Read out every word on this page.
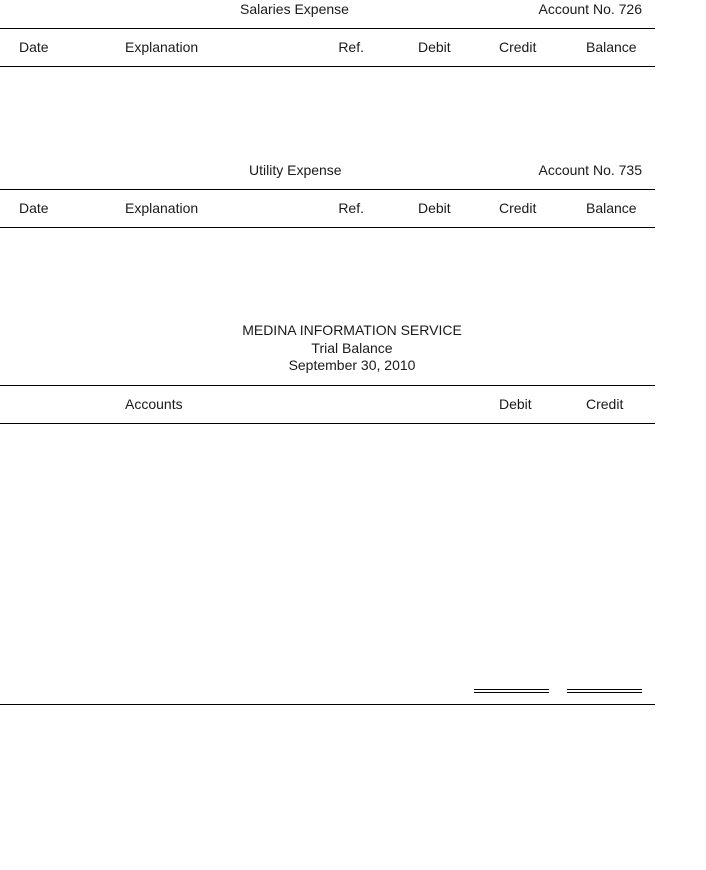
Salaries Expense	Account No. 726
Date	Explanation	Ref.	Debit	Credit	Balance
Utility Expense	Account No. 735
Date	Explanation	Ref.	Debit	Credit	Balance
MEDINA INFORMATION SERVICE
Trial Balance
September 30, 2010
Accounts	Debit	Credit
